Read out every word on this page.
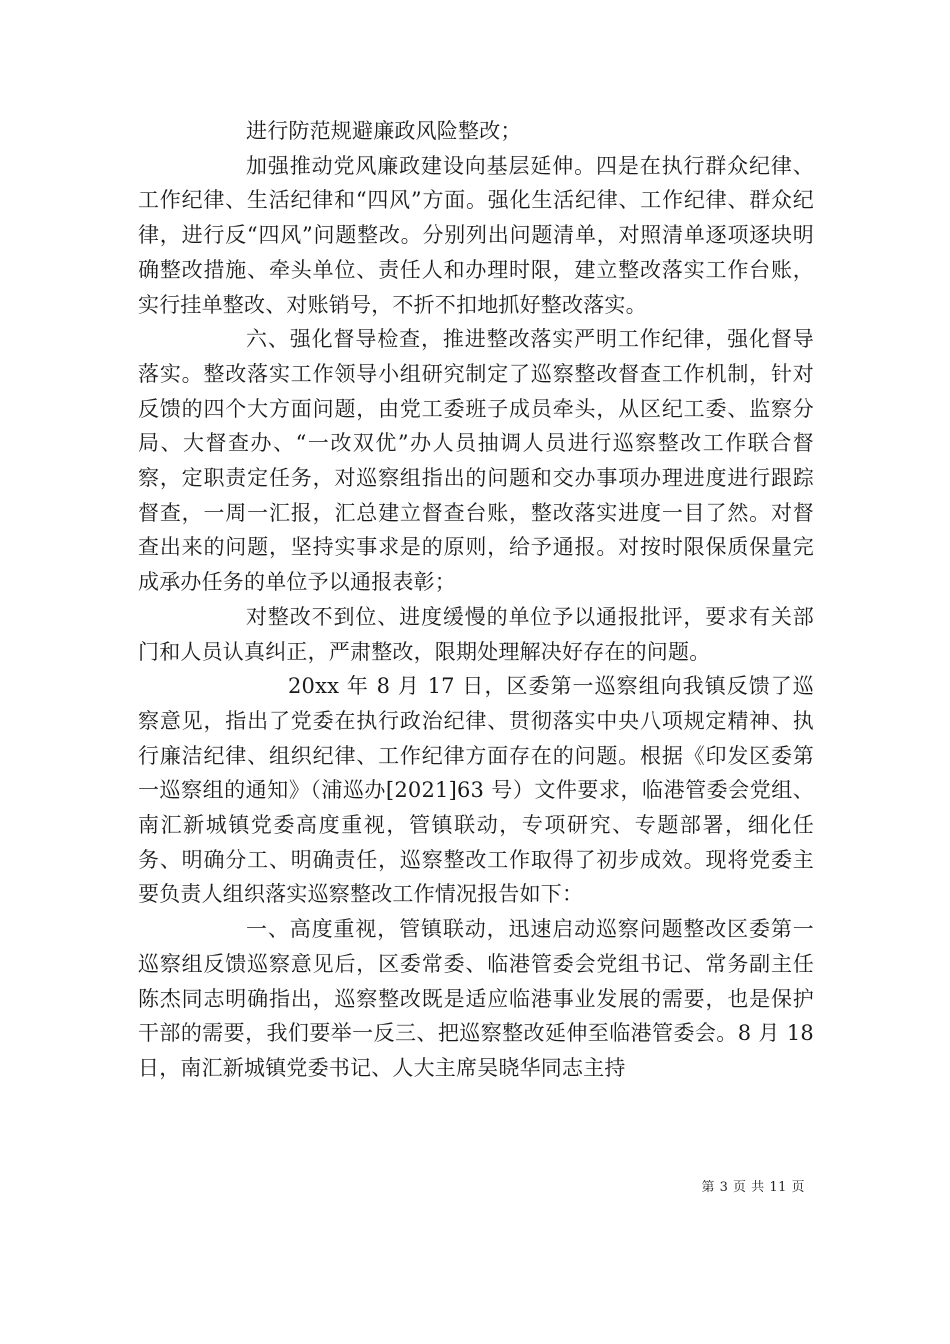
进行防范规避廉政风险整改；

加强推动党风廉政建设向基层延伸。四是在执行群众纪律、工作纪律、生活纪律和“四风”方面。强化生活纪律、工作纪律、群众纪律，进行反“四风”问题整改。分别列出问题清单，对照清单逐项逐块明确整改措施、牵头单位、责任人和办理时限，建立整改落实工作台账，实行挂单整改、对账销号，不折不扣地抓好整改落实。

六、强化督导检查，推进整改落实严明工作纪律，强化督导落实。整改落实工作领导小组研究制定了巡察整改督查工作机制，针对反馈的四个大方面问题，由党工委班子成员牵头，从区纪工委、监察分局、大督查办、“一改双优”办人员抽调人员进行巡察整改工作联合督察，定职责定任务，对巡察组指出的问题和交办事项办理进度进行跟踪督查，一周一汇报，汇总建立督查台账，整改落实进度一目了然。对督查出来的问题，坚持实事求是的原则，给予通报。对按时限保质保量完成承办任务的单位予以通报表彰；

对整改不到位、进度缓慢的单位予以通报批评，要求有关部门和人员认真纠正，严肃整改，限期处理解决好存在的问题。

20xx 年 8 月 17 日，区委第一巡察组向我镇反馈了巡察意见，指出了党委在执行政治纪律、贯彻落实中央八项规定精神、执行廉洁纪律、组织纪律、工作纪律方面存在的问题。根据《印发区委第一巡察组的通知》（浦巡办[2021]63 号）文件要求，临港管委会党组、南汇新城镇党委高度重视，管镇联动，专项研究、专题部署，细化任务、明确分工、明确责任，巡察整改工作取得了初步成效。现将党委主要负责人组织落实巡察整改工作情况报告如下：

一、高度重视，管镇联动，迅速启动巡察问题整改区委第一巡察组反馈巡察意见后，区委常委、临港管委会党组书记、常务副主任陈杰同志明确指出，巡察整改既是适应临港事业发展的需要，也是保护干部的需要，我们要举一反三、把巡察整改延伸至临港管委会。8 月 18 日，南汇新城镇党委书记、人大主席吴晓华同志主持

第 3 页 共 11 页
